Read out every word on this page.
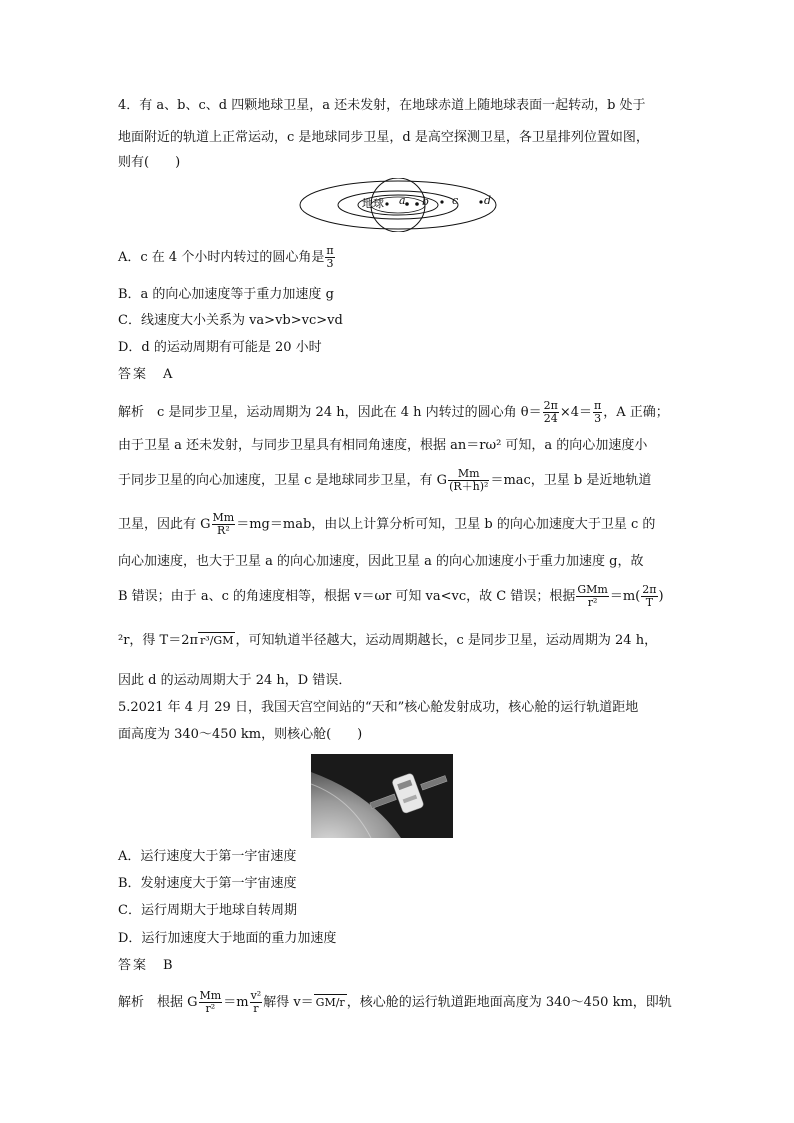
4．有 a、b、c、d 四颗地球卫星，a 还未发射，在地球赤道上随地球表面一起转动，b 处于
地面附近的轨道上正常运动，c 是地球同步卫星，d 是高空探测卫星，各卫星排列位置如图，
则有(　　)
地球 a b c d
A．c 在 4 个小时内转过的圆心角是 $\frac{\pi}{3}$
B．a 的向心加速度等于重力加速度 g
C．线速度大小关系为 va>vb>vc>vd
D．d 的运动周期有可能是 20 小时
答案　A
解析　c 是同步卫星，运动周期为 24 h，因此在 4 h 内转过的圆心角 $\theta= \frac{2\pi}{24} \times 4= \frac{\pi}{3}$ ，A 正确；
由于卫星 a 还未发射，与同步卫星具有相同角速度，根据 an＝rω² 可知，a 的向心加速度小
于同步卫星的向心加速度，卫星 c 是地球同步卫星，有 G $\frac{Mm}{\text{(R＋h)²}} =mac$，卫星 b 是近地轨道
卫星，因此有 G $\frac{Mm}{\text{R²}} =mg=mab$，由以上计算分析可知，卫星 b 的向心加速度大于卫星 c 的
向心加速度，也大于卫星 a 的向心加速度，因此卫星 a 的向心加速度小于重力加速度 g，故
B 错误；由于 a、c 的角速度相等，根据 v＝ωr 可知 va<vc，故 C 错误；根据 $\frac{\text{GMm}}{\text{r²}} =m( \frac{2\pi}{T}$ )
²r，得 T＝2π r³/GM ，可知轨道半径越大，运动周期越长，c 是同步卫星，运动周期为 24 h，
因此 d 的运动周期大于 24 h，D 错误．
5.2021 年 4 月 29 日，我国天宫空间站的“天和”核心舱发射成功，核心舱的运行轨道距地
面高度为 340～450 km，则核心舱(　　)
A．运行速度大于第一宇宙速度
B．发射速度大于第一宇宙速度
C．运行周期大于地球自转周期
D．运行加速度大于地面的重力加速度
答案　B
解析　根据 G $\frac{Mm}{\text{r²}} =m \frac{\text{v²}}{r}$ 解得 v＝ GM/r ，核心舱的运行轨道距地面高度为 340～450 km，即轨
